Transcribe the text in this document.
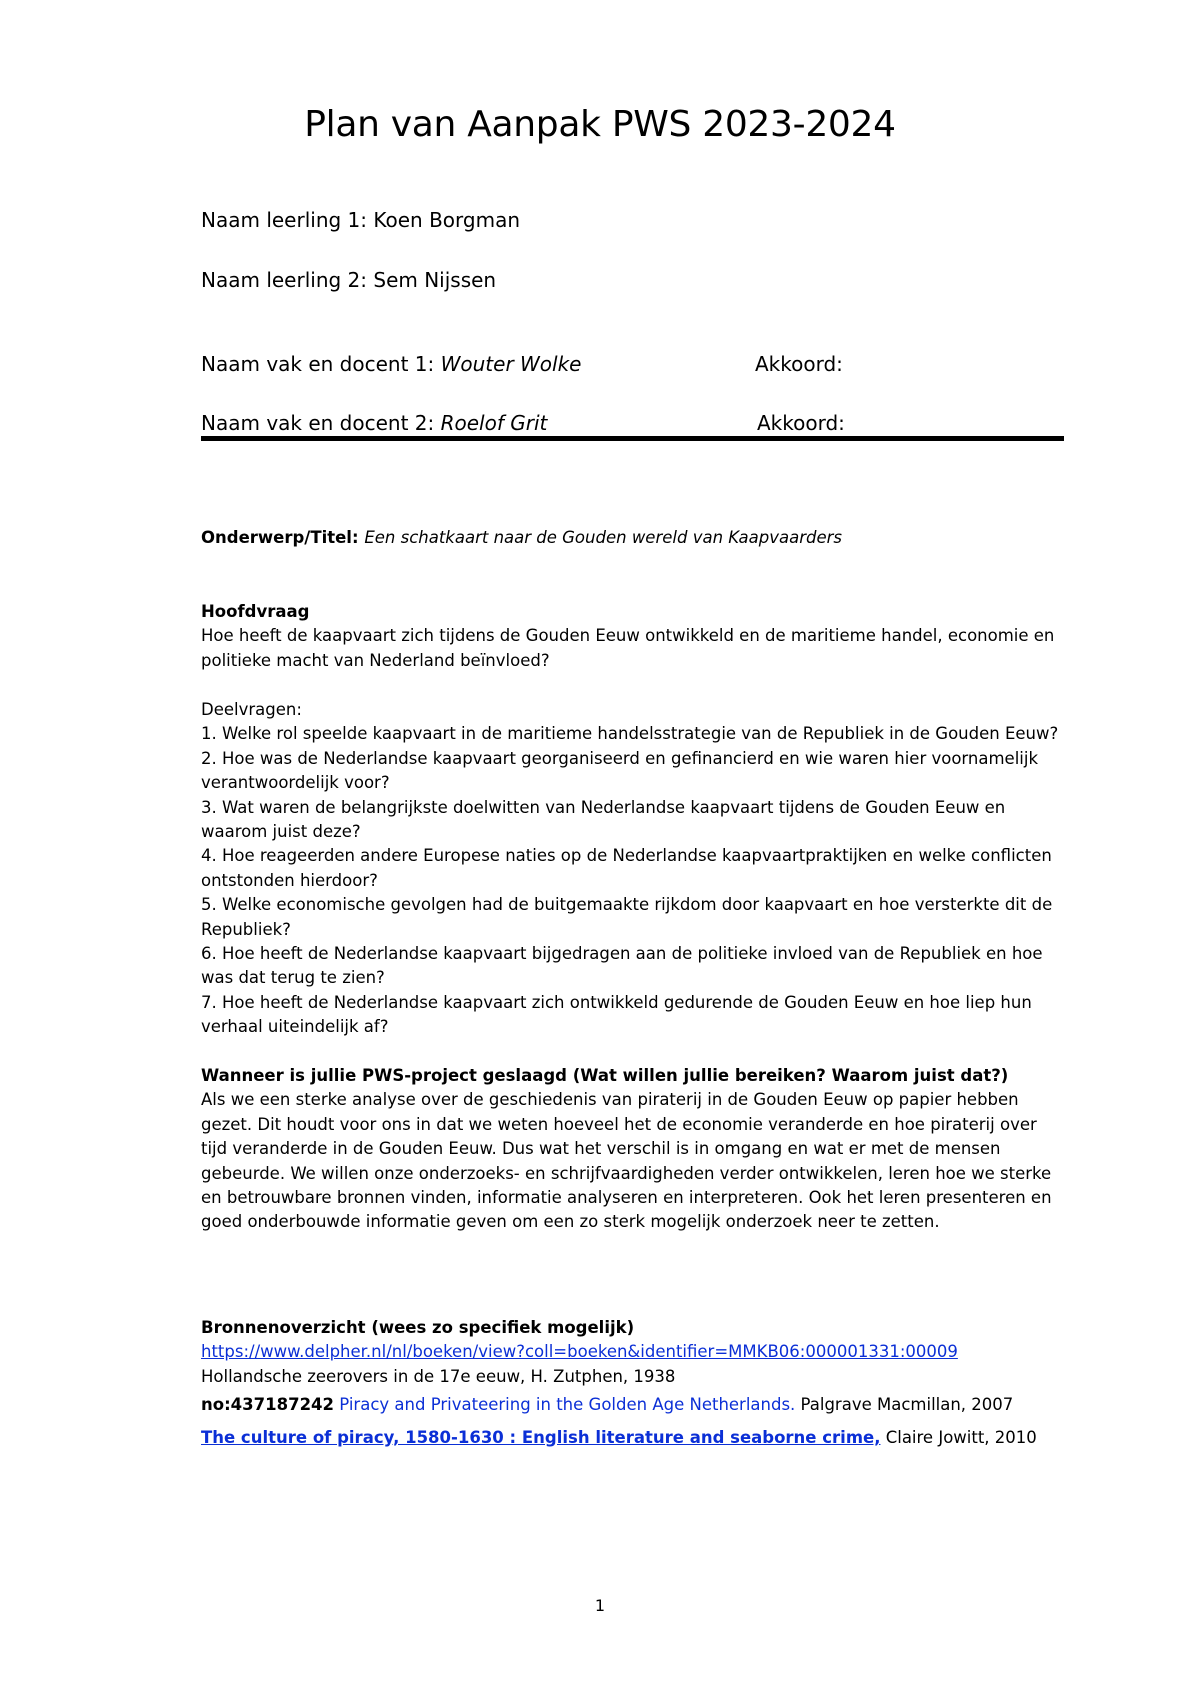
Plan van Aanpak PWS 2023-2024
Naam leerling 1: Koen Borgman
Naam leerling 2: Sem Nijssen
Naam vak en docent 1: Wouter Wolke	Akkoord:
Naam vak en docent 2: Roelof Grit	Akkoord:
Onderwerp/Titel: Een schatkaart naar de Gouden wereld van Kaapvaarders
Hoofdvraag
Hoe heeft de kaapvaart zich tijdens de Gouden Eeuw ontwikkeld en de maritieme handel, economie en
politieke macht van Nederland beïnvloed?
Deelvragen:
1. Welke rol speelde kaapvaart in de maritieme handelsstrategie van de Republiek in de Gouden Eeuw?
2. Hoe was de Nederlandse kaapvaart georganiseerd en gefinancierd en wie waren hier voornamelijk
verantwoordelijk voor?
3. Wat waren de belangrijkste doelwitten van Nederlandse kaapvaart tijdens de Gouden Eeuw en
waarom juist deze?
4. Hoe reageerden andere Europese naties op de Nederlandse kaapvaartpraktijken en welke conflicten
ontstonden hierdoor?
5. Welke economische gevolgen had de buitgemaakte rijkdom door kaapvaart en hoe versterkte dit de
Republiek?
6. Hoe heeft de Nederlandse kaapvaart bijgedragen aan de politieke invloed van de Republiek en hoe
was dat terug te zien?
7. Hoe heeft de Nederlandse kaapvaart zich ontwikkeld gedurende de Gouden Eeuw en hoe liep hun
verhaal uiteindelijk af?
Wanneer is jullie PWS-project geslaagd (Wat willen jullie bereiken? Waarom juist dat?)
Als we een sterke analyse over de geschiedenis van piraterij in de Gouden Eeuw op papier hebben
gezet. Dit houdt voor ons in dat we weten hoeveel het de economie veranderde en hoe piraterij over
tijd veranderde in de Gouden Eeuw. Dus wat het verschil is in omgang en wat er met de mensen
gebeurde. We willen onze onderzoeks- en schrijfvaardigheden verder ontwikkelen, leren hoe we sterke
en betrouwbare bronnen vinden, informatie analyseren en interpreteren. Ook het leren presenteren en
goed onderbouwde informatie geven om een zo sterk mogelijk onderzoek neer te zetten.
Bronnenoverzicht (wees zo specifiek mogelijk)
https://www.delpher.nl/nl/boeken/view?coll=boeken&identifier=MMKB06:000001331:00009
Hollandsche zeerovers in de 17e eeuw, H. Zutphen, 1938
no:437187242 Piracy and Privateering in the Golden Age Netherlands. Palgrave Macmillan, 2007
The culture of piracy, 1580-1630 : English literature and seaborne crime, Claire Jowitt, 2010
1
